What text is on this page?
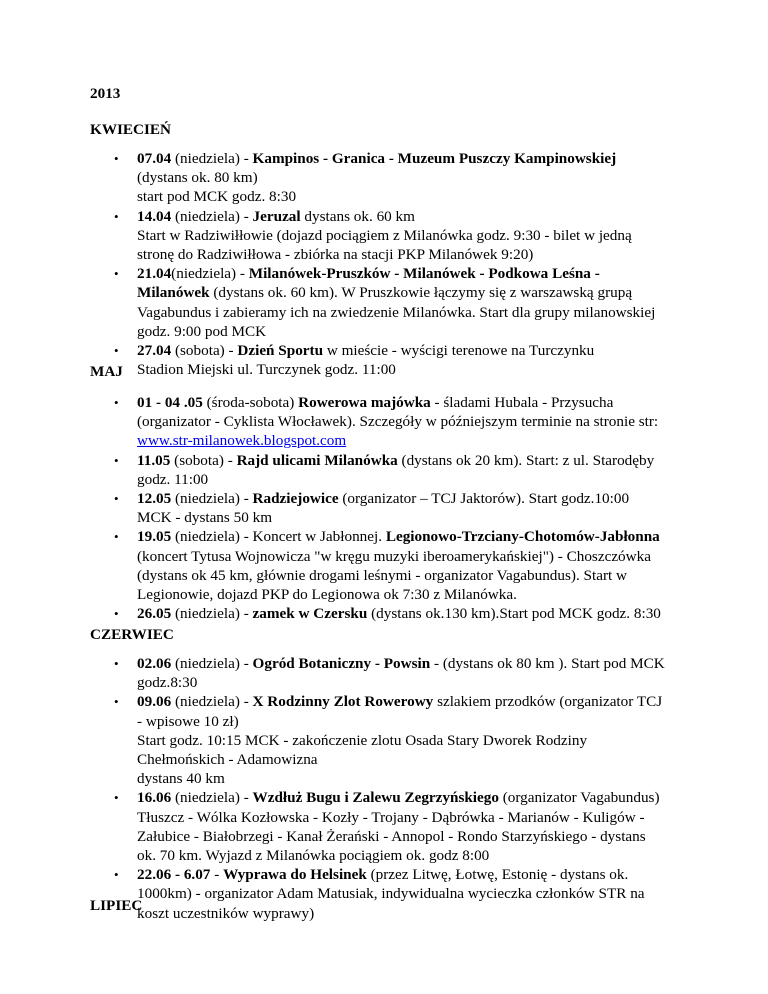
2013

KWIECIEŃ

• 07.04 (niedziela) - Kampinos - Granica - Muzeum Puszczy Kampinowskiej
(dystans ok. 80 km)
start pod MCK godz. 8:30
• 14.04 (niedziela) - Jeruzal dystans ok. 60 km
Start w Radziwiłłowie (dojazd pociągiem z Milanówka godz. 9:30 - bilet w jedną
stronę do Radziwiłłowa - zbiórka na stacji PKP Milanówek 9:20)
• 21.04(niedziela) - Milanówek-Pruszków - Milanówek - Podkowa Leśna -
Milanówek (dystans ok. 60 km). W Pruszkowie łączymy się z warszawską grupą
Vagabundus i zabieramy ich na zwiedzenie Milanówka. Start dla grupy milanowskiej
godz. 9:00 pod MCK
• 27.04 (sobota) - Dzień Sportu w mieście - wyścigi terenowe na Turczynku
Stadion Miejski ul. Turczynek godz. 11:00

MAJ

• 01 - 04 .05 (środa-sobota) Rowerowa majówka - śladami Hubala - Przysucha
(organizator - Cyklista Włocławek). Szczegóły w późniejszym terminie na stronie str:
www.str-milanowek.blogspot.com
• 11.05 (sobota) - Rajd ulicami Milanówka (dystans ok 20 km). Start: z ul. Starodęby
godz. 11:00
• 12.05 (niedziela) - Radziejowice (organizator – TCJ Jaktorów). Start godz.10:00
MCK - dystans 50 km
• 19.05 (niedziela) - Koncert w Jabłonnej. Legionowo-Trzciany-Chotomów-Jabłonna
(koncert Tytusa Wojnowicza "w kręgu muzyki iberoamerykańskiej") - Choszczówka
(dystans ok 45 km, głównie drogami leśnymi - organizator Vagabundus). Start w
Legionowie, dojazd PKP do Legionowa ok 7:30 z Milanówka.
• 26.05 (niedziela) - zamek w Czersku (dystans ok.130 km).Start pod MCK godz. 8:30

CZERWIEC

• 02.06 (niedziela) - Ogród Botaniczny - Powsin - (dystans ok 80 km ). Start pod MCK
godz.8:30
• 09.06 (niedziela) - X Rodzinny Zlot Rowerowy szlakiem przodków (organizator TCJ
- wpisowe 10 zł)
Start godz. 10:15 MCK - zakończenie zlotu Osada Stary Dworek Rodziny
Chełmońskich - Adamowizna
dystans 40 km
• 16.06 (niedziela) - Wzdłuż Bugu i Zalewu Zegrzyńskiego (organizator Vagabundus)
Tłuszcz - Wólka Kozłowska - Kozły - Trojany - Dąbrówka - Marianów - Kuligów -
Załubice - Białobrzegi - Kanał Żerański - Annopol - Rondo Starzyńskiego - dystans
ok. 70 km. Wyjazd z Milanówka pociągiem ok. godz 8:00
• 22.06 - 6.07 - Wyprawa do Helsinek (przez Litwę, Łotwę, Estonię - dystans ok.
1000km) - organizator Adam Matusiak, indywidualna wycieczka członków STR na
koszt uczestników wyprawy)

LIPIEC
